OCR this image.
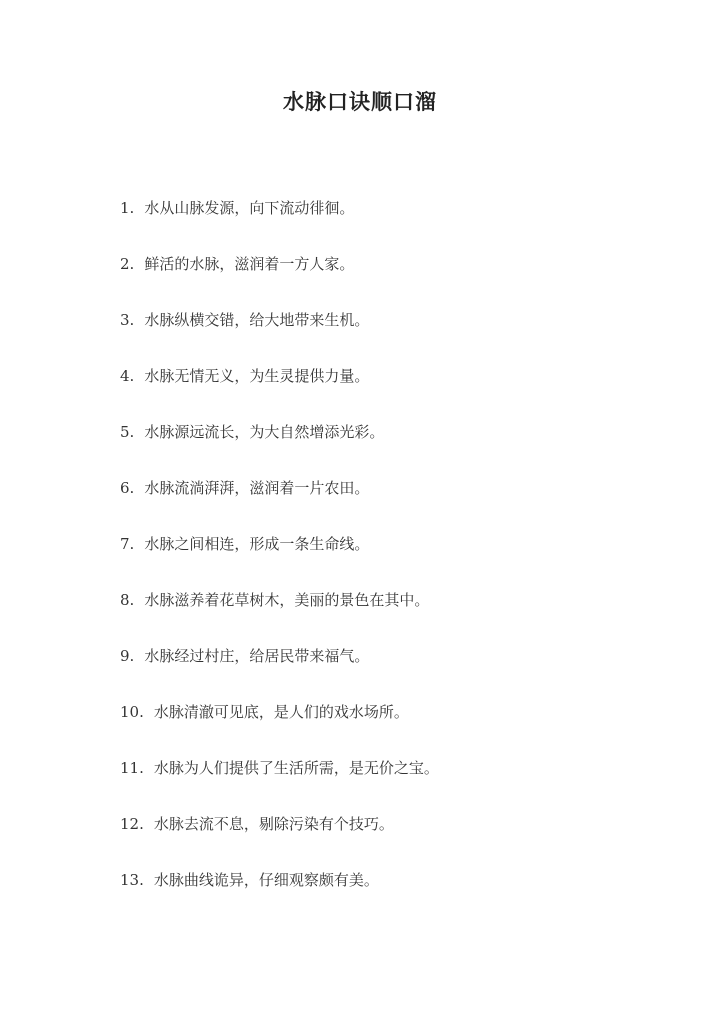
水脉口诀顺口溜
1. 水从山脉发源，向下流动徘徊。
2. 鲜活的水脉，滋润着一方人家。
3. 水脉纵横交错，给大地带来生机。
4. 水脉无情无义，为生灵提供力量。
5. 水脉源远流长，为大自然增添光彩。
6. 水脉流淌湃湃，滋润着一片农田。
7. 水脉之间相连，形成一条生命线。
8. 水脉滋养着花草树木，美丽的景色在其中。
9. 水脉经过村庄，给居民带来福气。
10. 水脉清澈可见底，是人们的戏水场所。
11. 水脉为人们提供了生活所需，是无价之宝。
12. 水脉去流不息，剔除污染有个技巧。
13. 水脉曲线诡异，仔细观察颇有美。
